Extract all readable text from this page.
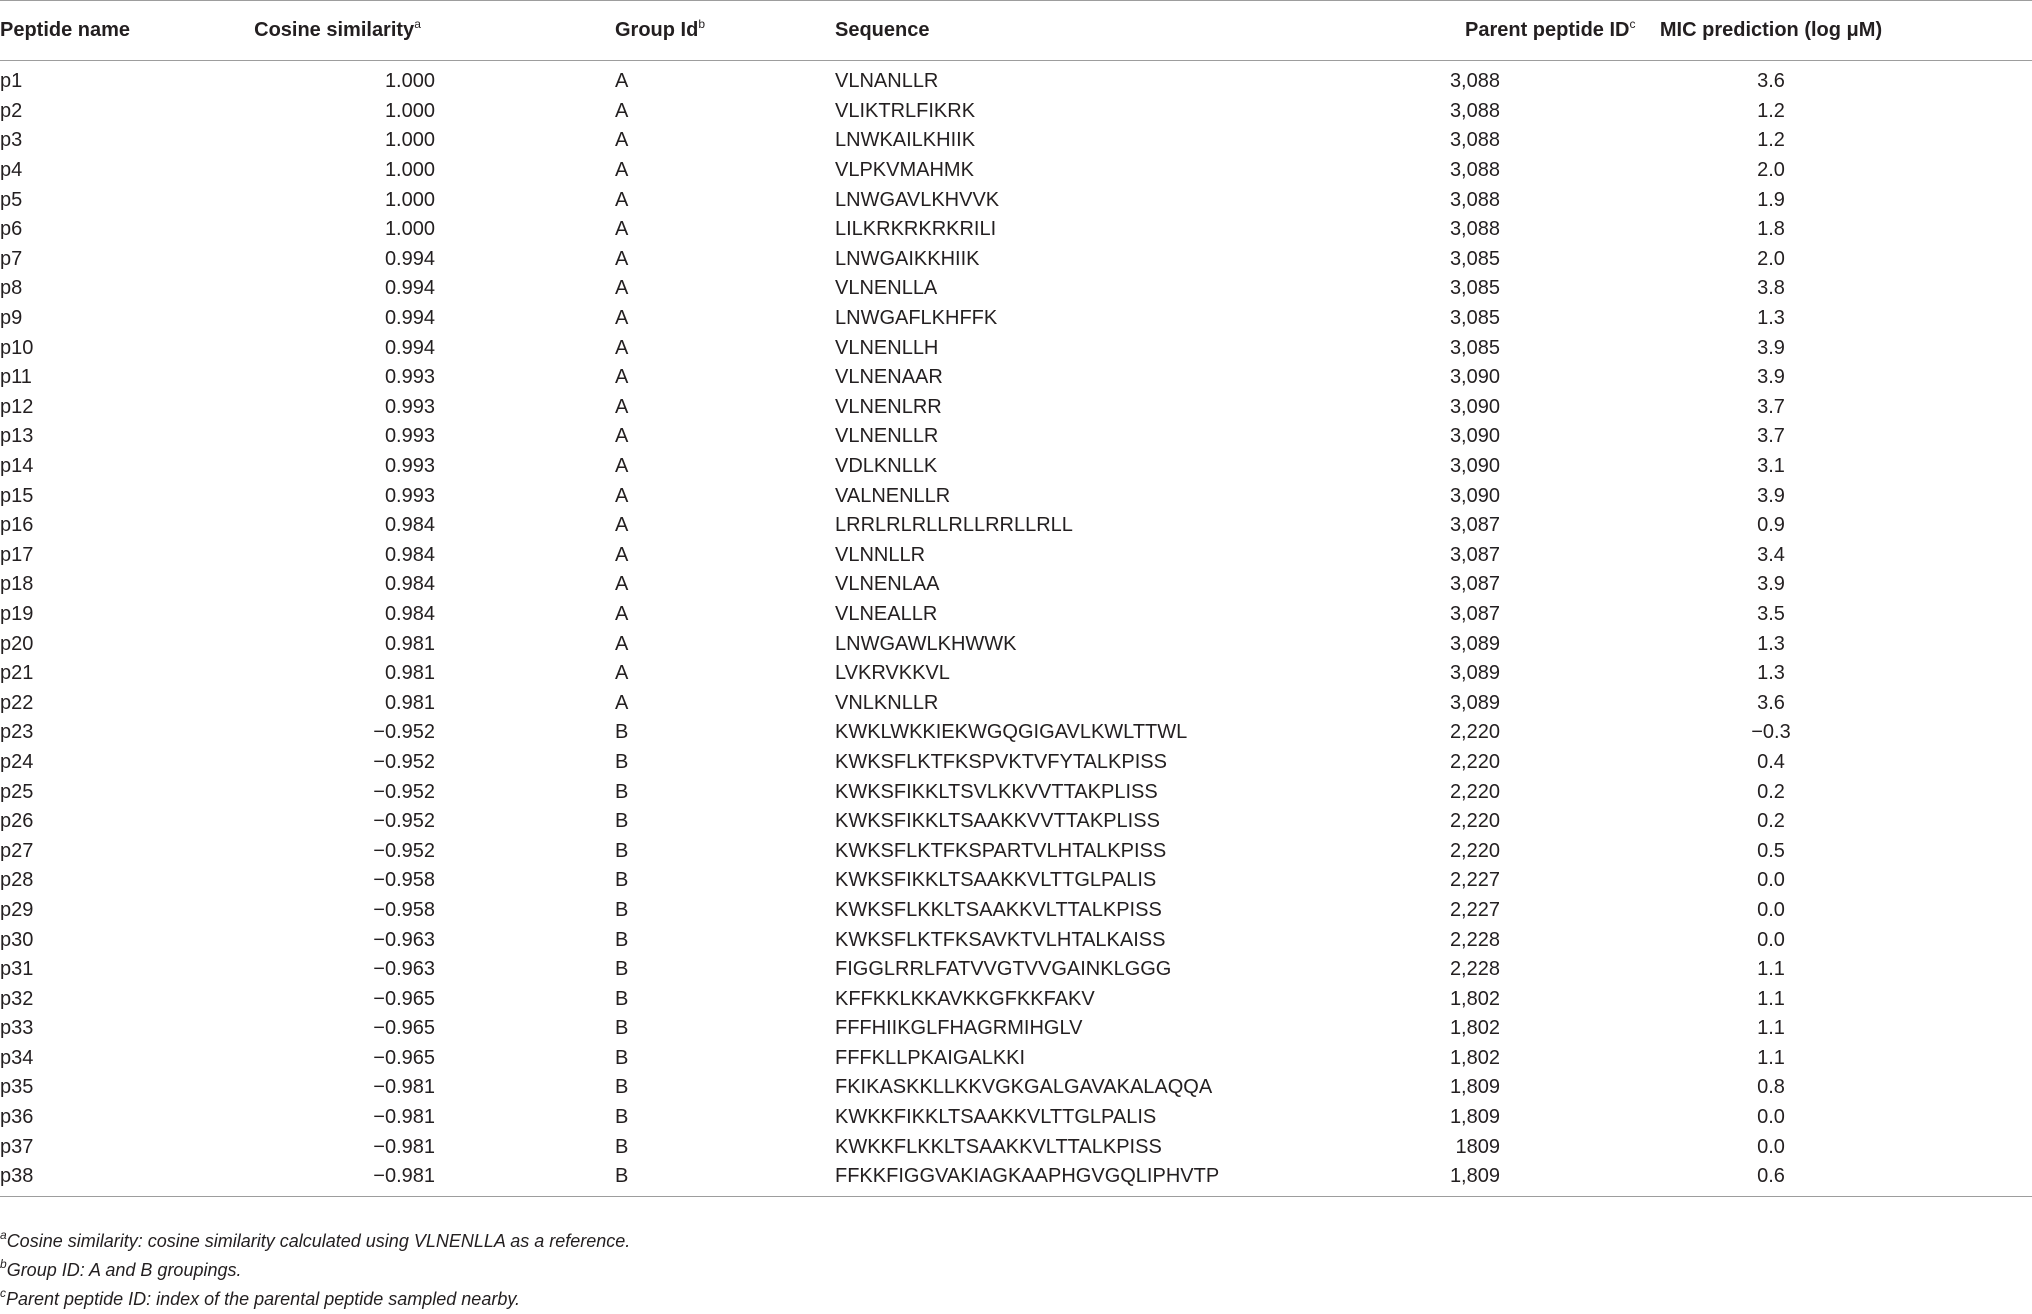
Peptide name	Cosine similarity$^a$	Group Id$^b$	Sequence	Parent peptide $ID^c$	MIC prediction (log μM)
p1	1.000	A	VLNANLLR	3,088	3.6
p2	1.000	A	VLIKTRLFIKRK	3,088	1.2
p3	1.000	A	LNWKAILKHIIK	3,088	1.2
p4	1.000	A	VLPKVMAHMK	3,088	2.0
p5	1.000	A	LNWGAVLKHVVK	3,088	1.9
p6	1.000	A	LILKRKRKRKRILI	3,088	1.8
p7	0.994	A	LNWGAIKKHIIK	3,085	2.0
p8	0.994	A	VLNENLLA	3,085	3.8
p9	0.994	A	LNWGAFLKHFFK	3,085	1.3
p10	0.994	A	VLNENLLH	3,085	3.9
p11	0.993	A	VLNENAAR	3,090	3.9
p12	0.993	A	VLNENLRR	3,090	3.7
p13	0.993	A	VLNENLLR	3,090	3.7
p14	0.993	A	VDLKNLLK	3,090	3.1
p15	0.993	A	VALNENLLR	3,090	3.9
p16	0.984	A	LRRLRLRLLRLLRRLLRLL	3,087	0.9
p17	0.984	A	VLNNLLR	3,087	3.4
p18	0.984	A	VLNENLAA	3,087	3.9
p19	0.984	A	VLNEALLR	3,087	3.5
p20	0.981	A	LNWGAWLKHWWK	3,089	1.3
p21	0.981	A	LVKRVKKVL	3,089	1.3
p22	0.981	A	VNLKNLLR	3,089	3.6
p23	−0.952	B	KWKLWKKIEKWGQGIGAVLKWLTTWL	2,220	−0.3
p24	−0.952	B	KWKSFLKTFKSPVKTVFYTALKPISS	2,220	0.4
p25	−0.952	B	KWKSFIKKLTSVLKKVVTTAKPLISS	2,220	0.2
p26	−0.952	B	KWKSFIKKLTSAAKKVVTTAKPLISS	2,220	0.2
p27	−0.952	B	KWKSFLKTFKSPARTVLHTALKPISS	2,220	0.5
p28	−0.958	B	KWKSFIKKLTSAAKKVLTTGLPALIS	2,227	0.0
p29	−0.958	B	KWKSFLKKLTSAAKKVLTTALKPISS	2,227	0.0
p30	−0.963	B	KWKSFLKTFKSAVKTVLHTALKAISS	2,228	0.0
p31	−0.963	B	FIGGLRRLFATVVGTVVGAINKLGGG	2,228	1.1
p32	−0.965	B	KFFKKLKKAVKKGFKKFAKV	1,802	1.1
p33	−0.965	B	FFFHIIKGLFHAGRMIHGLV	1,802	1.1
p34	−0.965	B	FFFKLLPKAIGALKKI	1,802	1.1
p35	−0.981	B	FKIKASKKLLKKVGKGALGAVAKALAQQA	1,809	0.8
p36	−0.981	B	KWKKFIKKLTSAAKKVLTTGLPALIS	1,809	0.0
p37	−0.981	B	KWKKFLKKLTSAAKKVLTTALKPISS	1809	0.0
p38	−0.981	B	FFKKFIGGVAKIAGKAAPHGVGQLIPHVTP	1,809	0.6

$^a$Cosine similarity: cosine similarity calculated using VLNENLLA as a reference.

$^b$Group ID: A and B groupings.

$^c$Parent peptide ID: index of the parental peptide sampled nearby.
